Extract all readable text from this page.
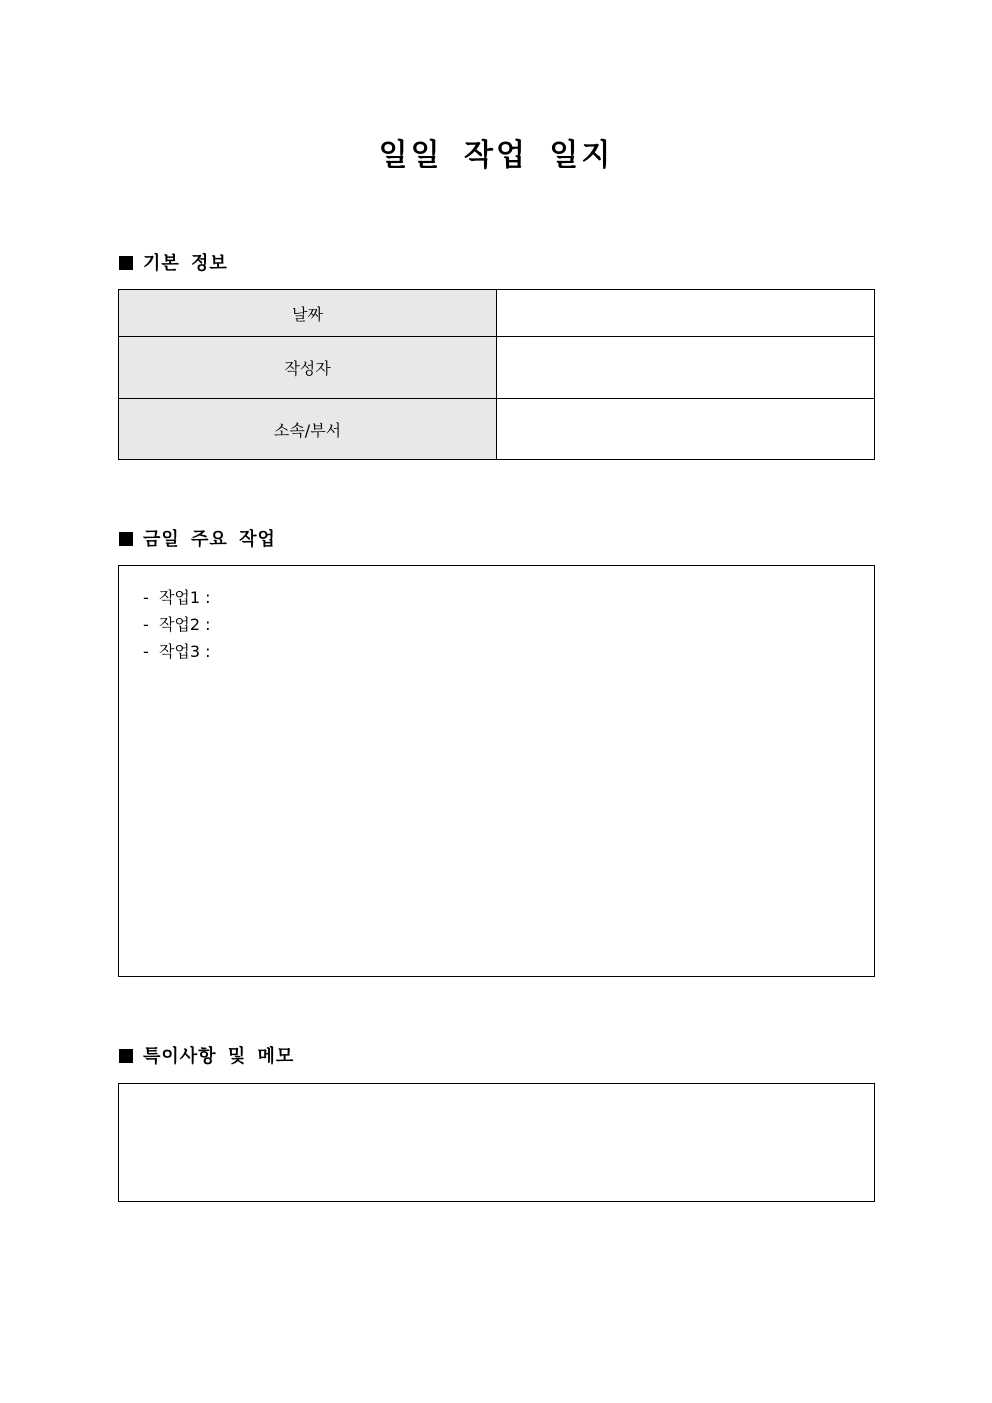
일일 작업 일지
기본 정보
날짜	
작성자	
소속/부서	
금일 주요 작업
- 작업1 :
- 작업2 :
- 작업3 :
특이사항 및 메모
